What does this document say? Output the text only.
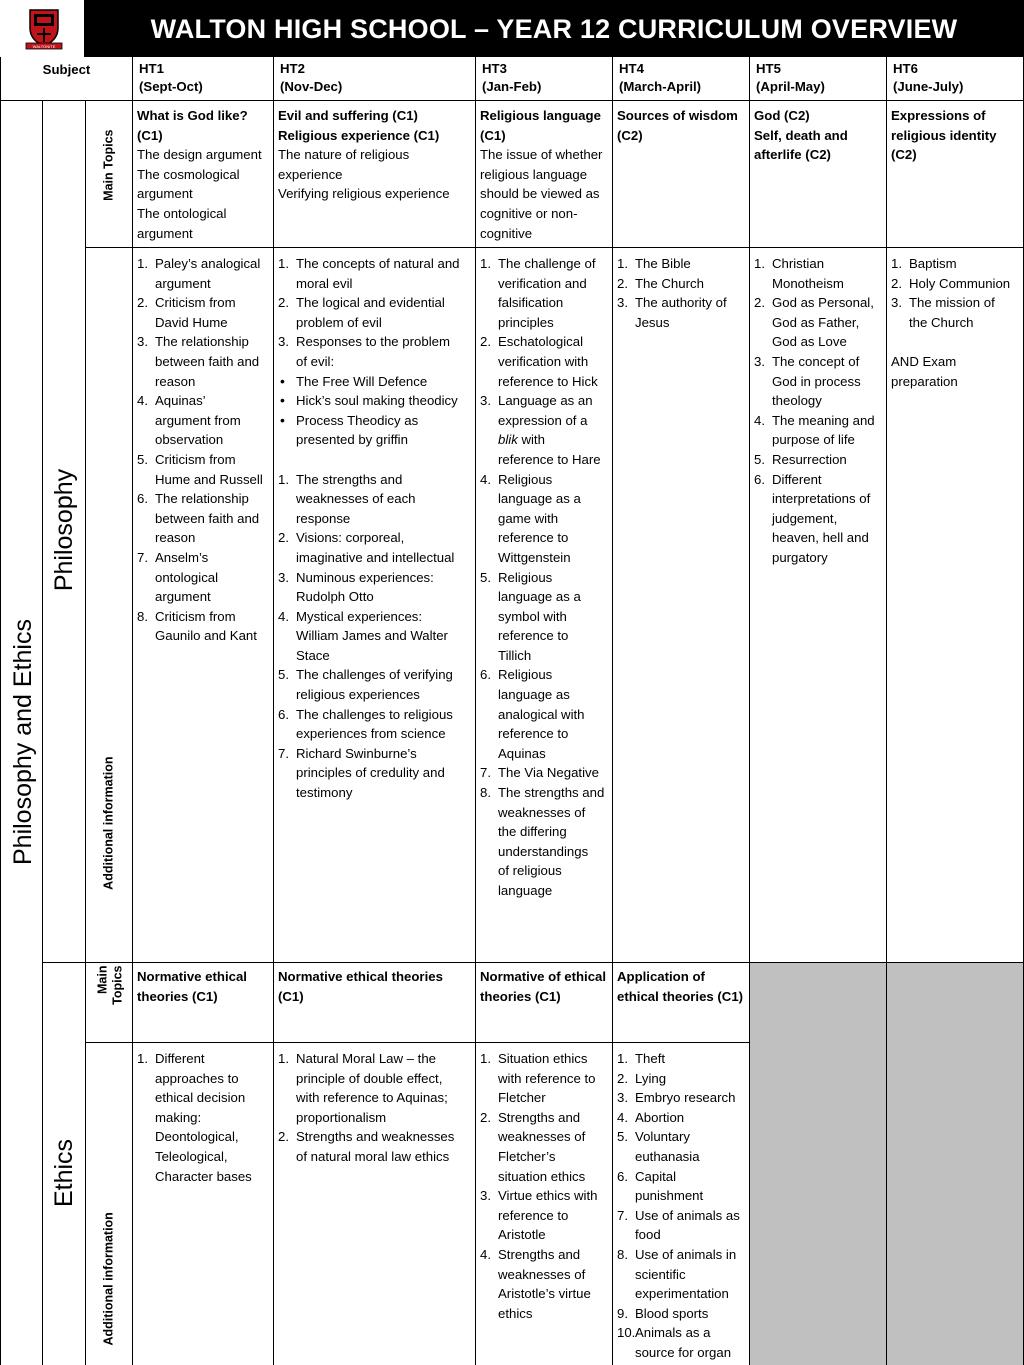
WALTONITE
WALTON HIGH SCHOOL – YEAR 12 CURRICULUM OVERVIEW
Subject	HT1
(Sept-Oct)
HT2
(Nov-Dec)
HT3
(Jan-Feb)
HT4
(March-April)
HT5
(April-May)
HT6
(June-July)
Philosophy and Ethics
Philosophy
Ethics
Main Topics
Additional information
Main Topics
Additional information
What is God like?
(C1)
The design argument
The cosmological
argument
The ontological
argument
Evil and suffering (C1)
Religious experience (C1)
The nature of religious
experience
Verifying religious experience
Religious language
(C1)
The issue of whether
religious language
should be viewed as
cognitive or non-
cognitive
Sources of wisdom
(C2)
God (C2)
Self, death and
afterlife (C2)
Expressions of
religious identity
(C2)
1. Paley’s analogical
argument
2. Criticism from
David Hume
3. The relationship
between faith and
reason
4. Aquinas’
argument from
observation
5. Criticism from
Hume and Russell
6. The relationship
between faith and
reason
7. Anselm’s
ontological
argument
8. Criticism from
Gaunilo and Kant
1. The concepts of natural and
moral evil
2. The logical and evidential
problem of evil
3. Responses to the problem
of evil:
• The Free Will Defence
• Hick’s soul making theodicy
• Process Theodicy as presented by griffin
1. The strengths and
weaknesses of each
response
2. Visions: corporeal,
imaginative and intellectual
3. Numinous experiences:
Rudolph Otto
4. Mystical experiences:
William James and Walter
Stace
5. The challenges of verifying
religious experiences
6. The challenges to religious
experiences from science
7. Richard Swinburne’s
principles of credulity and
testimony
1. The challenge of
verification and
falsification
principles
2. Eschatological
verification with
reference to Hick
3. Language as an
expression of a
blik with
reference to Hare
4. Religious
language as a
game with
reference to
Wittgenstein
5. Religious
language as a
symbol with
reference to
Tillich
6. Religious
language as
analogical with
reference to
Aquinas
7. The Via Negative
8. The strengths and
weaknesses of
the differing
understandings
of religious
language
1. The Bible
2. The Church
3. The authority of
Jesus
1. Christian
Monotheism
2. God as Personal,
God as Father,
God as Love
3. The concept of
God in process
theology
4. The meaning and
purpose of life
5. Resurrection
6. Different
interpretations of
judgement,
heaven, hell and
purgatory
1. Baptism
2. Holy Communion
3. The mission of
the Church
AND Exam
preparation
Normative ethical
theories (C1)
Normative ethical theories
(C1)
Normative of ethical
theories (C1)
Application of
ethical theories (C1)
1. Different
approaches to
ethical decision
making:
Deontological,
Teleological,
Character bases
1. Natural Moral Law – the
principle of double effect,
with reference to Aquinas;
proportionalism
2. Strengths and weaknesses
of natural moral law ethics
1. Situation ethics
with reference to
Fletcher
2. Strengths and
weaknesses of
Fletcher’s
situation ethics
3. Virtue ethics with
reference to
Aristotle
4. Strengths and
weaknesses of
Aristotle’s virtue
ethics
1. Theft
2. Lying
3. Embryo research
4. Abortion
5. Voluntary
euthanasia
6. Capital
punishment
7. Use of animals as
food
8. Use of animals in
scientific
experimentation
9. Blood sports
10. Animals as a
source for organ
